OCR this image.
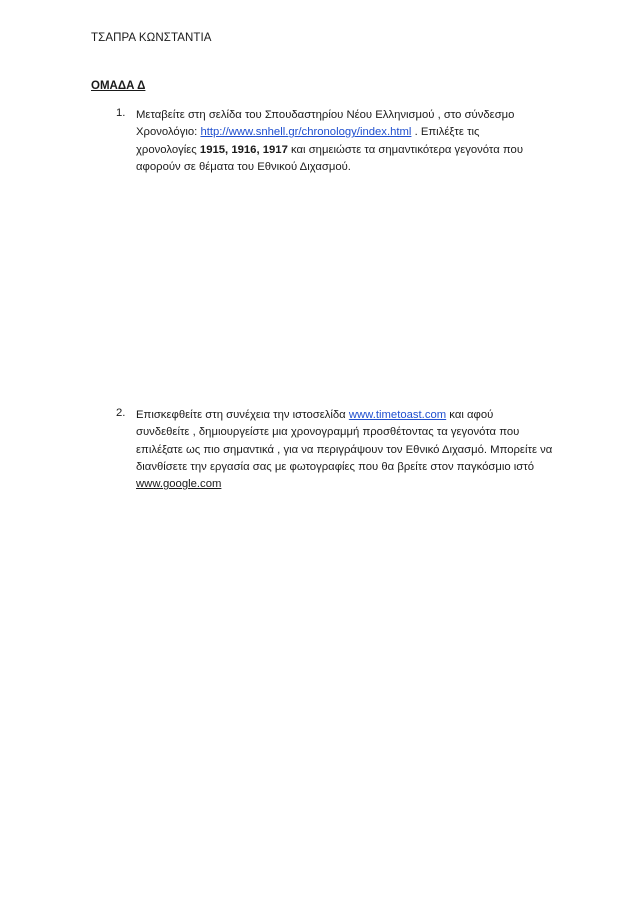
ΤΣΑΠΡΑ ΚΩΝΣΤΑΝΤΙΑ
ΟΜΑΔΑ Δ
1. Μεταβείτε στη σελίδα του Σπουδαστηρίου Νέου Ελληνισμού , στο σύνδεσμο
Χρονολόγιο: http://www.snhell.gr/chronology/index.html . Επιλέξτε τις
χρονολογίες 1915, 1916, 1917 και σημειώστε τα σημαντικότερα γεγονότα που
αφορούν σε θέματα του Εθνικού Διχασμού.
2. Επισκεφθείτε στη συνέχεια την ιστοσελίδα www.timetoast.com και αφού
συνδεθείτε , δημιουργείστε μια χρονογραμμή προσθέτοντας τα γεγονότα που
επιλέξατε ως πιο σημαντικά , για να περιγράψουν τον Εθνικό Διχασμό. Μπορείτε να
διανθίσετε την εργασία σας με φωτογραφίες που θα βρείτε στον παγκόσμιο ιστό
www.google.com
